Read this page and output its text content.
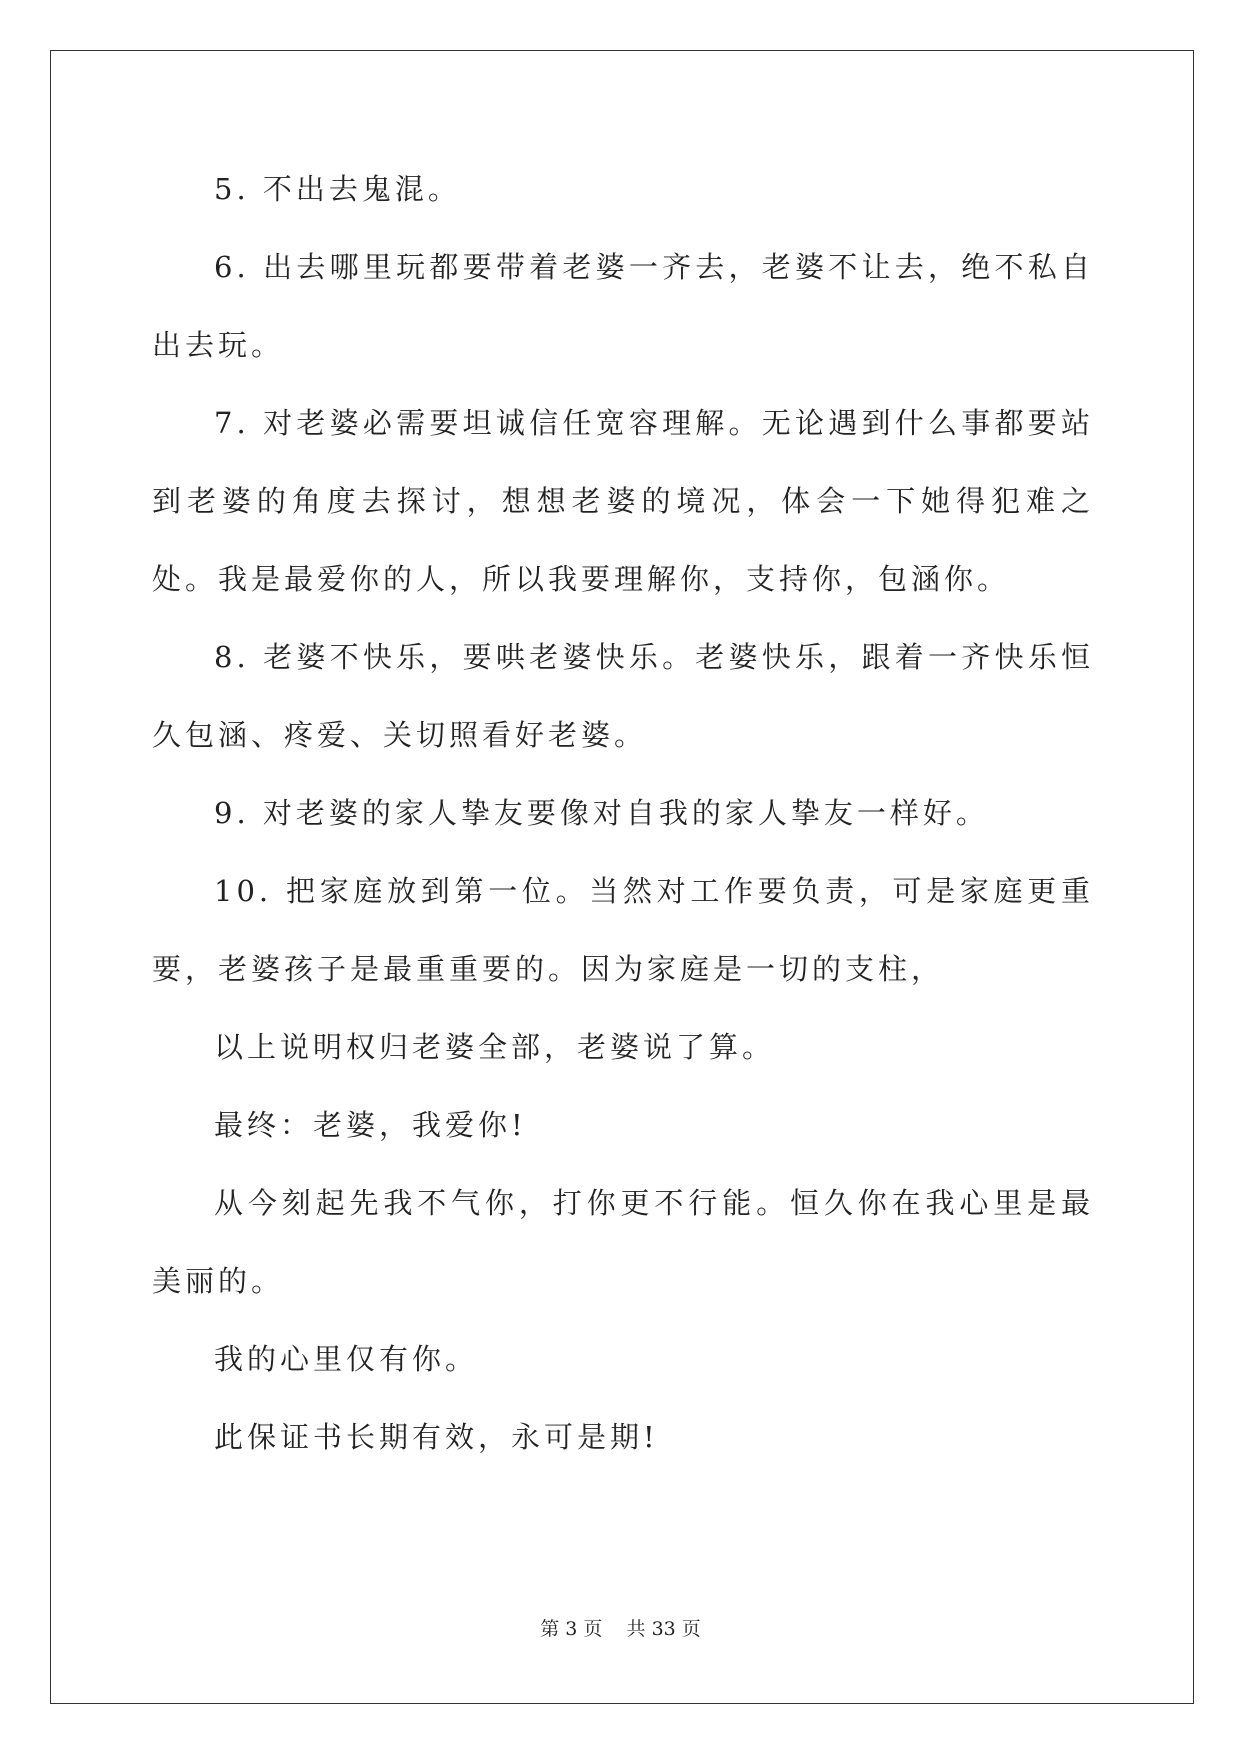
5. 不出去鬼混。

6. 出去哪里玩都要带着老婆一齐去，老婆不让去，绝不私自出去玩。

7. 对老婆必需要坦诚信任宽容理解。无论遇到什么事都要站到老婆的角度去探讨，想想老婆的境况，体会一下她得犯难之处。我是最爱你的人，所以我要理解你，支持你，包涵你。

8. 老婆不快乐，要哄老婆快乐。老婆快乐，跟着一齐快乐恒久包涵、疼爱、关切照看好老婆。

9. 对老婆的家人挚友要像对自我的家人挚友一样好。

10. 把家庭放到第一位。当然对工作要负责，可是家庭更重要，老婆孩子是最重重要的。因为家庭是一切的支柱，

以上说明权归老婆全部，老婆说了算。

最终：老婆，我爱你!

从今刻起先我不气你，打你更不行能。恒久你在我心里是最美丽的。

我的心里仅有你。

此保证书长期有效，永可是期!

第 3 页 共 33 页
